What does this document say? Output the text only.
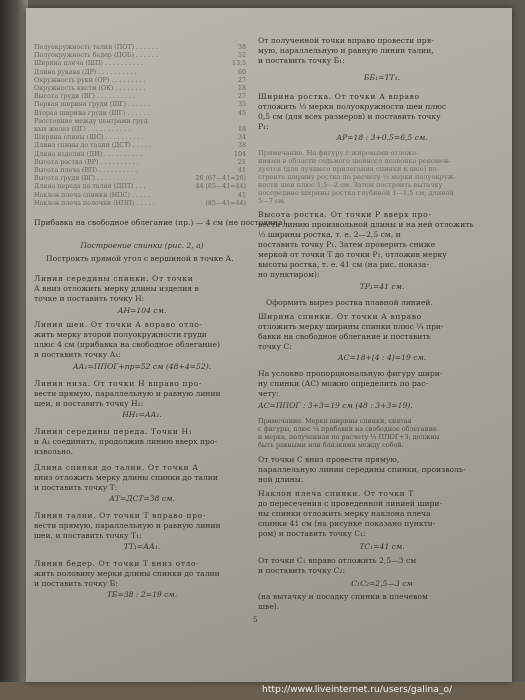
Полуокружность талии (ПОТ) . . . . . .	38
Полуокружность бедер (ПОБ) . . . . . .	52
Ширина плеча (ШП) . . . . . . . . . .	13,5
Длина рукава (ДР) . . . . . . . . . .	60
Окружность руки (ОР) . . . . . . . . .	27
Окружность кисти (ОК) . . . . . . . .	18
Высота груди (ВГ) . . . . . . . . . .	27
Первая ширина груди (ШГ) . . . . . .	35
Вторая ширина груди (ШГ) . . . . . .	45
Расстояние между центрами груд-
ных желез (ЦГ) . . . . . . . . . . .	18
Ширина спины (ШС) . . . . . . . . . .	34
Длина спины до талии (ДСТ) . . . . .	38
Длина изделия (ДИ) . . . . . . . . . .	104
Высота ростка (ВР) . . . . . . . . . .	21
Высота плеча (ВП) . . . . . . . . . .	41
Высота груди (ВГ) . . . . . . . . . .	26 (67—41=26)
Длина переда до талии (ДПТ) . . .	44 (85—41=44)
Наклон плеча спинки (НПС) . . . . .	41
Наклон плеча полочки (НПП) . . . . .	(85—41=44)
Прибавка на свободное облегание (пр.) — 4 см (не постоянна).
Построение спинки (рис. 2, а)
Построить прямой угол с вершиной в точке А.
Линия середины спинки. От точки
А вниз отложить мерку длины изделия в
точке и поставить точку Н:
АН=104 см.
Линия шеи. От точки А вправо отло-
жить мерку второй полуокружности груди
плюс 4 см (прибавка на свободное облегание)
и поставить точку А₁:
АА₁=ППОГ+пр=52 см (48+4=52).
Линия низа. От точки Н вправо про-
вести прямую, параллельную и равную линии
шеи, и поставить точку Н₁:
НН₁=АА₁.
Линия середины переда. Точки Н₁
и А₁ соединить, продолжив линию вверх про-
извольно.
Длина спинки до талии. От точки А
вниз отложить мерку длины спинки до талии
и поставить точку Т:
АТ=ДСТ=38 см.
Линия талии. От точки Т вправо про-
вести прямую, параллельную и равную линии
шеи, и поставить точку Т₁:
ТТ₁=АА₁.
Линия бедер. От точки Т вниз отло-
жить половину мерки длины спинки до талии
и поставить точку Б:
ТБ=38 : 2=19 см.
От полученной точки вправо провести пря-
мую, параллельную и равную линии талии,
и поставить точку Б₁:
ББ₁=ТТ₁.
Ширина ростка. От точки А вправо
отложить ⅓ мерки полуокружности шеи плюс
0,5 см (для всех размеров) и поставить точку
Р₁:
АР=18 : 3+0,5=6,5 см.
Примечание. На фигуру с жировыми отложе-
ниями в области седьмого шейного позвонка рекомен-
дуется (для лучшего прилегания спинки к шее) по-
строить ширину ростка по расчету ⅓ мерки полуокруж-
ности шеи плюс 1,5—2 см. Затем построить вытачку
посередине ширины ростка глубиной 1—1,5 см, длиной
5—7 см.
Высота ростка. От точки Р вверх про-
вести линию произвольной длины и на ней отложить
⅓ ширины ростка, т. е. 2—2,5 см, и
поставить точку Р₁. Затем проверить сниже
меркой от точки Т до точки Р₁, отложив мерку
высоты ростка, т. е. 41 см (на рис. показа-
но пунктиром):
ТР₁=41 см.
Оформить вырез ростка плавной линией.
Ширина спинки. От точки А вправо
отложить мерку ширины спинки плюс ¼ при-
бавки на свободное облегание и поставить
точку С:
АС=18+(4 : 4)=19 см.
На условно пропорциональную фигуру шири-
ну спинки (АС) можно определить по рас-
чету:
АС=ППОГ : 3+3=19 см (48 : 3+3=19).
Примечание. Мерки ширины спинки, снятая
с фигуры, плюс ¼ прибавки на свободное облегание
и мерка, полученная по расчету ⅓ ППОГ+3, должны
быть равными или близкими между собой.
От точки С вниз провести прямую,
параллельную линии середины спинки, произволь-
ной длины.
Наклон плеча спинки. От точки Т
до пересечения с проведенной линией шири-
ны спинки отложить мерку наклона плеча
спинки 41 см (на рисунке показано пункти-
ром) и поставить точку С₁:
ТС₁=41 см.
От точки С₁ вправо отложить 2,5—3 см
и поставить точку С₂:
С₁С₂=2,5—3 см
(на вытачку и посадку спинки в плечевом
шве).
5
http://www.liveinternet.ru/users/galina_o/
